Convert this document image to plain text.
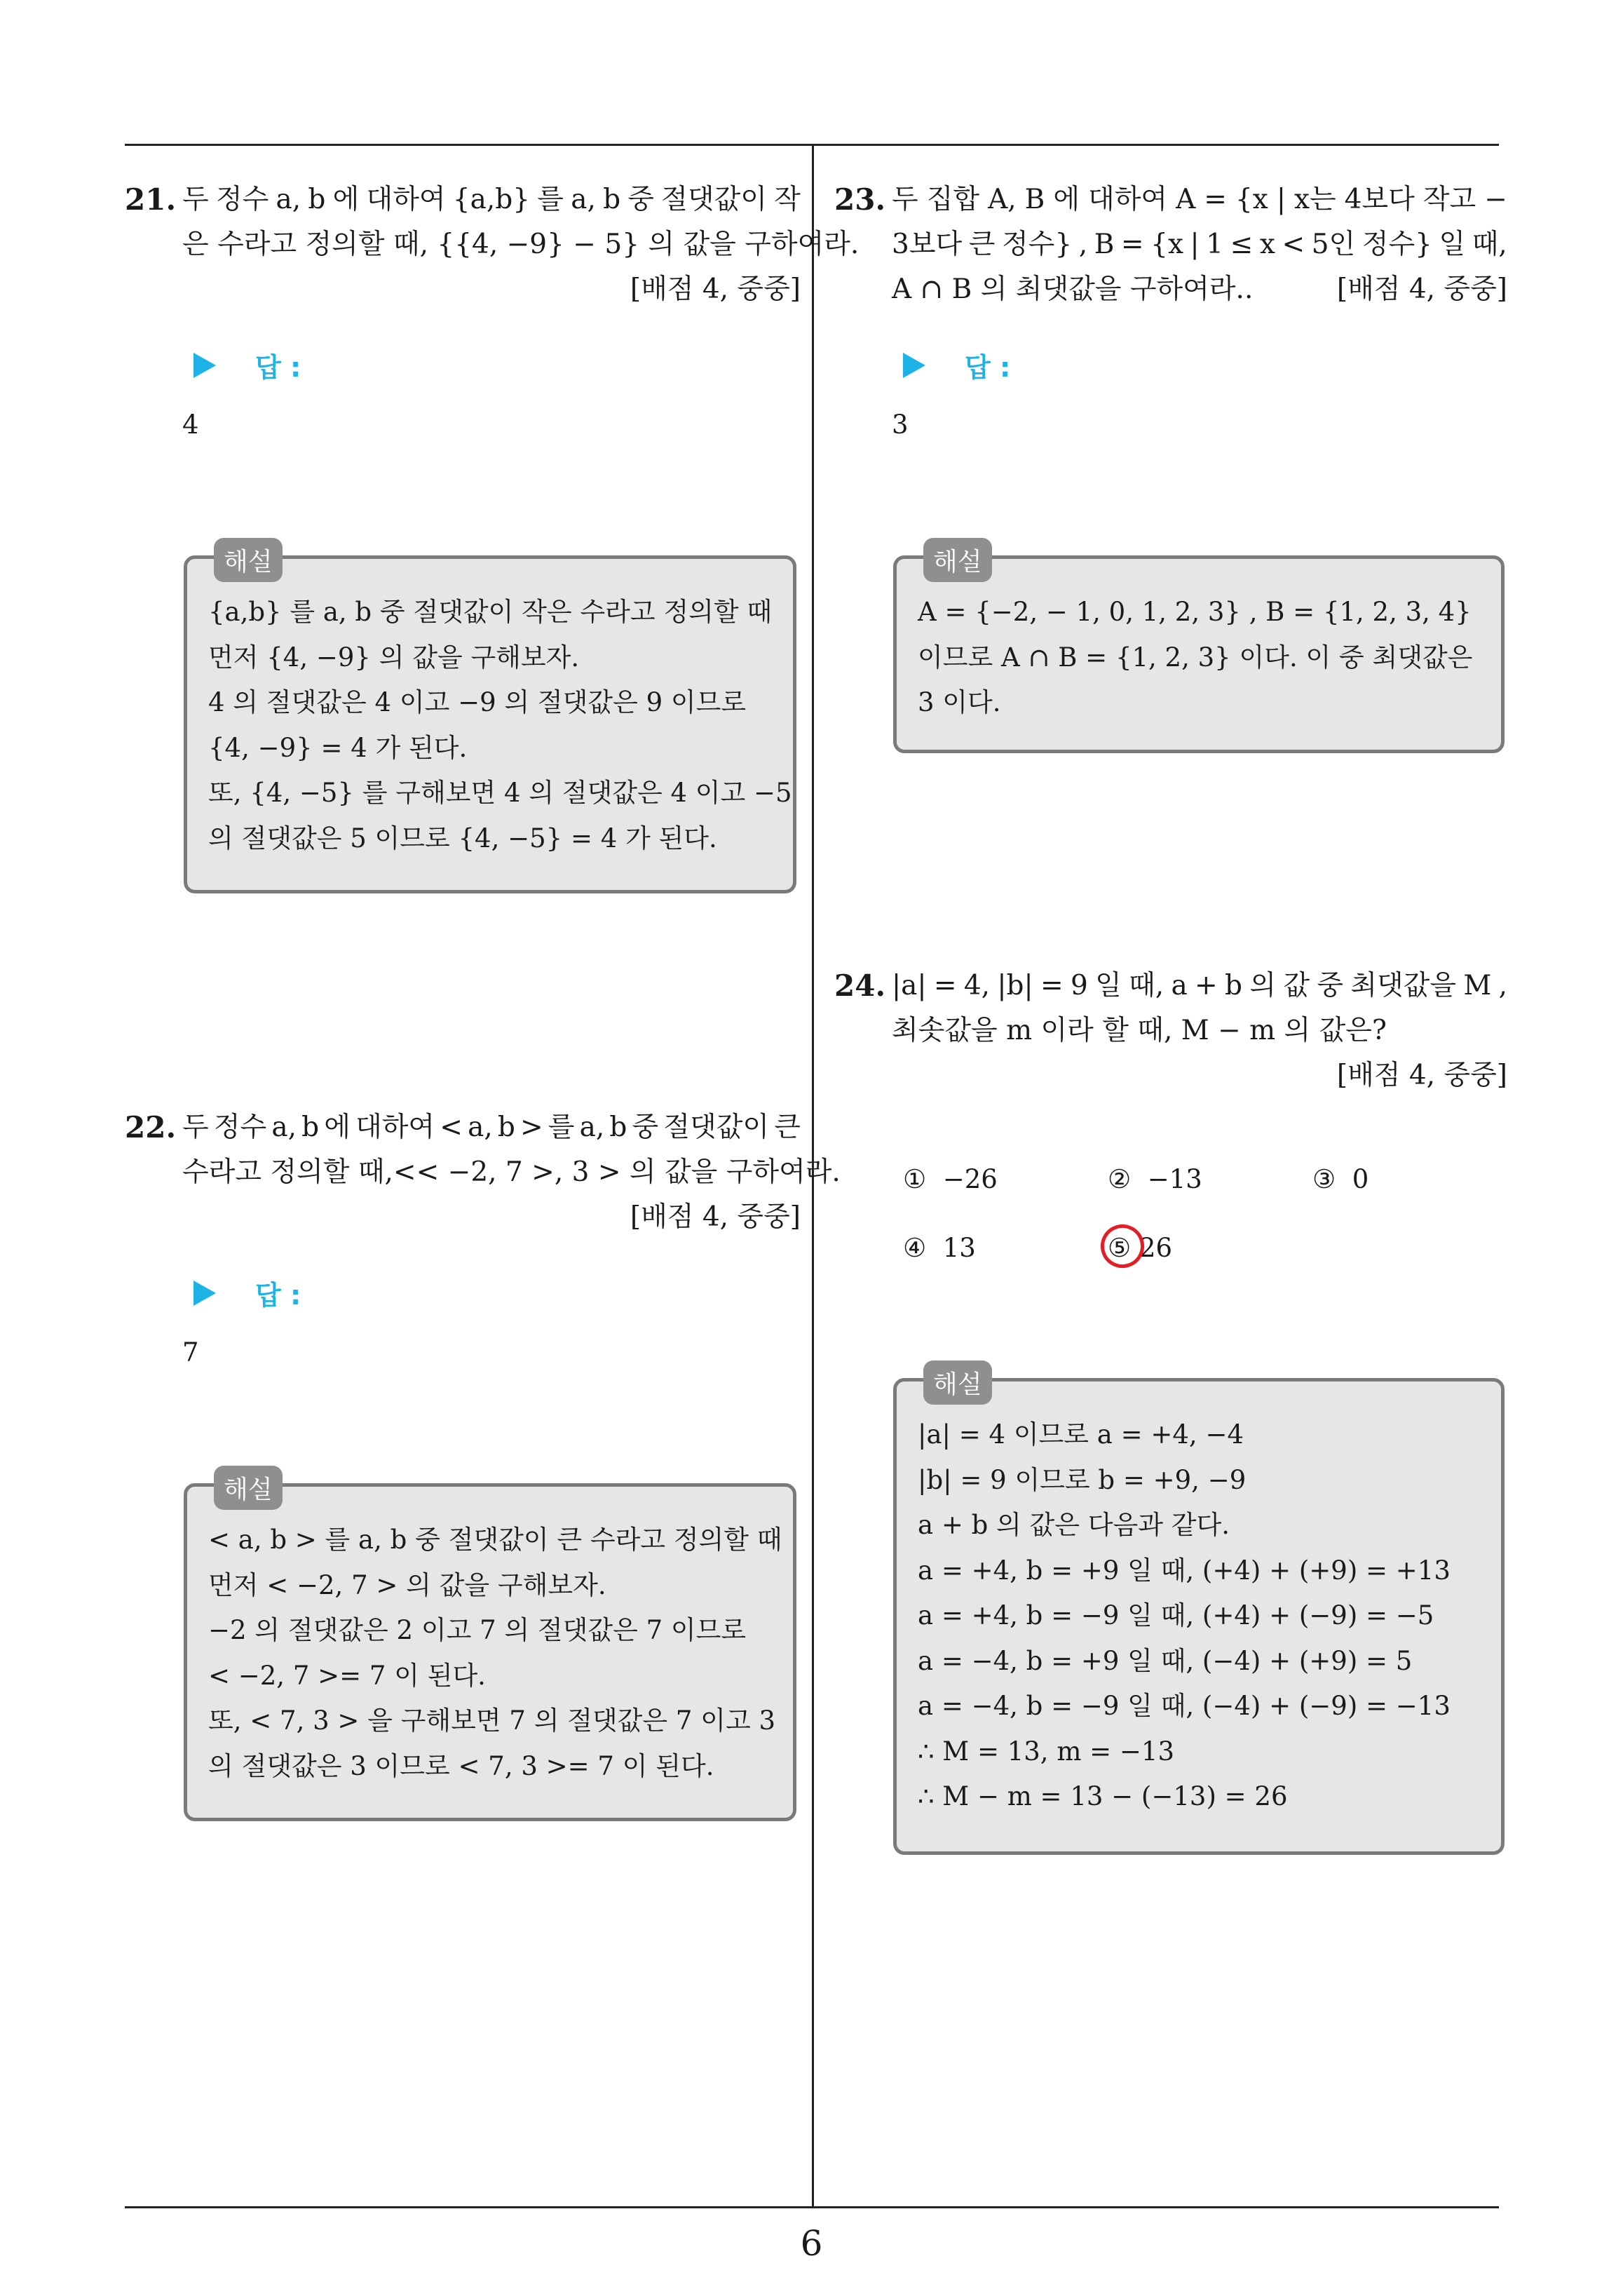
21. 두 정수 a, b 에 대하여 {a,b} 를 a, b 중 절댓값이 작
은 수라고 정의할 때, {{4, −9} − 5} 의 값을 구하여라.
[배점 4, 중중]
답 :
4
해설
{a,b} 를 a, b 중 절댓값이 작은 수라고 정의할 때
먼저 {4, −9} 의 값을 구해보자.
4 의 절댓값은 4 이고 −9 의 절댓값은 9 이므로
{4, −9} = 4 가 된다.
또, {4, −5} 를 구해보면 4 의 절댓값은 4 이고 −5
의 절댓값은 5 이므로 {4, −5} = 4 가 된다.
22. 두 정수 a, b 에 대하여 < a, b > 를 a, b 중 절댓값이 큰
수라고 정의할 때,<< −2, 7 >, 3 > 의 값을 구하여라.
[배점 4, 중중]
답 :
7
해설
< a, b > 를 a, b 중 절댓값이 큰 수라고 정의할 때
먼저 < −2, 7 > 의 값을 구해보자.
−2 의 절댓값은 2 이고 7 의 절댓값은 7 이므로
< −2, 7 >= 7 이 된다.
또, < 7, 3 > 을 구해보면 7 의 절댓값은 7 이고 3
의 절댓값은 3 이므로 < 7, 3 >= 7 이 된다.
23. 두 집합 A, B 에 대하여 A = {x | x는 4보다 작고 −
3보다 큰 정수} , B = {x | 1 ≤ x < 5인 정수} 일 때,
A ∩ B 의 최댓값을 구하여라..	[배점 4, 중중]
답 :
3
해설
A = {−2, − 1, 0, 1, 2, 3} , B = {1, 2, 3, 4}
이므로 A ∩ B = {1, 2, 3} 이다. 이 중 최댓값은
3 이다.
24. |a| = 4, |b| = 9 일 때, a + b 의 값 중 최댓값을 M ,
최솟값을 m 이라 할 때, M − m 의 값은?
[배점 4, 중중]
① −26	② −13	③ 0
④ 13	⑤ 26
해설
|a| = 4 이므로 a = +4, −4
|b| = 9 이므로 b = +9, −9
a + b 의 값은 다음과 같다.
a = +4, b = +9 일 때, (+4) + (+9) = +13
a = +4, b = −9 일 때, (+4) + (−9) = −5
a = −4, b = +9 일 때, (−4) + (+9) = 5
a = −4, b = −9 일 때, (−4) + (−9) = −13
∴ M = 13, m = −13
∴ M − m = 13 − (−13) = 26
6
